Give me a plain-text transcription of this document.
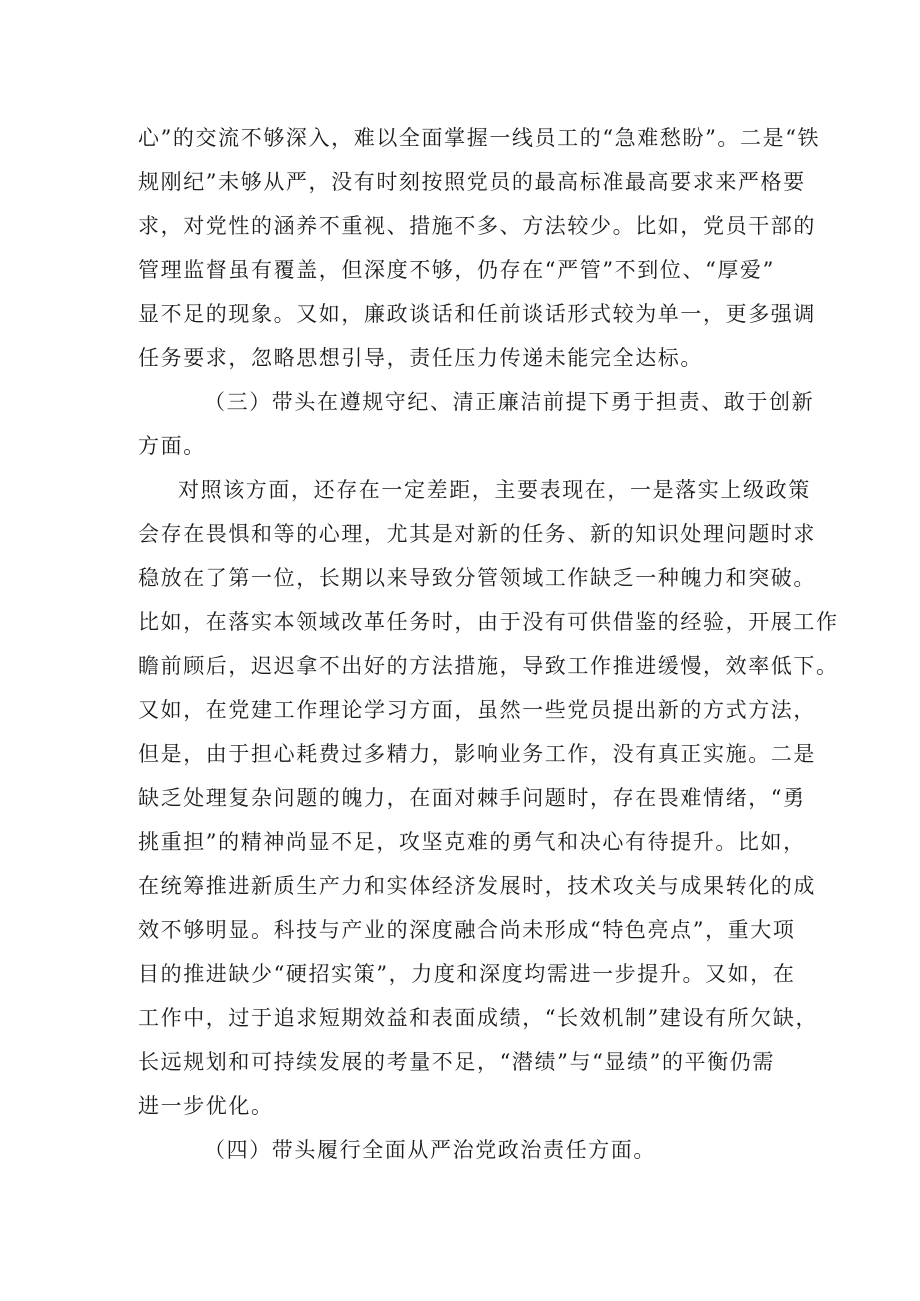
心”的交流不够深入，难以全面掌握一线员工的“急难愁盼”。二是“铁
规刚纪”未够从严，没有时刻按照党员的最高标准最高要求来严格要
求，对党性的涵养不重视、措施不多、方法较少。比如，党员干部的
管理监督虽有覆盖，但深度不够，仍存在“严管”不到位、“厚爱”
显不足的现象。又如，廉政谈话和任前谈话形式较为单一，更多强调
任务要求，忽略思想引导，责任压力传递未能完全达标。
（三）带头在遵规守纪、清正廉洁前提下勇于担责、敢于创新
方面。
对照该方面，还存在一定差距，主要表现在，一是落实上级政策
会存在畏惧和等的心理，尤其是对新的任务、新的知识处理问题时求
稳放在了第一位，长期以来导致分管领域工作缺乏一种魄力和突破。
比如，在落实本领域改革任务时，由于没有可供借鉴的经验，开展工作
瞻前顾后，迟迟拿不出好的方法措施，导致工作推进缓慢，效率低下。
又如，在党建工作理论学习方面，虽然一些党员提出新的方式方法，
但是，由于担心耗费过多精力，影响业务工作，没有真正实施。二是
缺乏处理复杂问题的魄力，在面对棘手问题时，存在畏难情绪，“勇
挑重担”的精神尚显不足，攻坚克难的勇气和决心有待提升。比如，
在统筹推进新质生产力和实体经济发展时，技术攻关与成果转化的成
效不够明显。科技与产业的深度融合尚未形成“特色亮点”，重大项
目的推进缺少“硬招实策”，力度和深度均需进一步提升。又如，在
工作中，过于追求短期效益和表面成绩，“长效机制”建设有所欠缺，
长远规划和可持续发展的考量不足，“潜绩”与“显绩”的平衡仍需
进一步优化。
（四）带头履行全面从严治党政治责任方面。
